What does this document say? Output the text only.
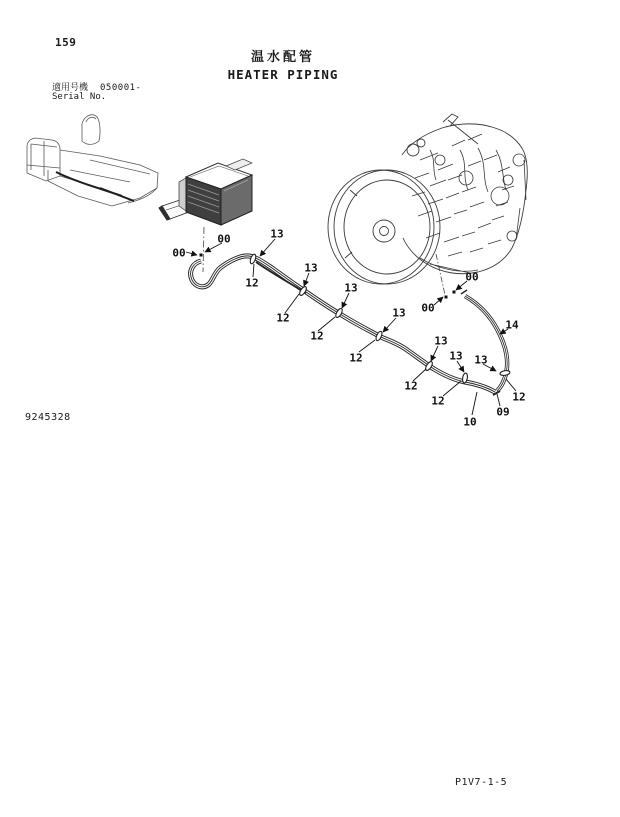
159
温水配管
HEATER PIPING
適用号機 050001-
Serial No.
00
00
00
00
13
13
13
13
13
13 13
12
12
12
12
12
12	12
14
09
10
9245328
P1V7-1-5
